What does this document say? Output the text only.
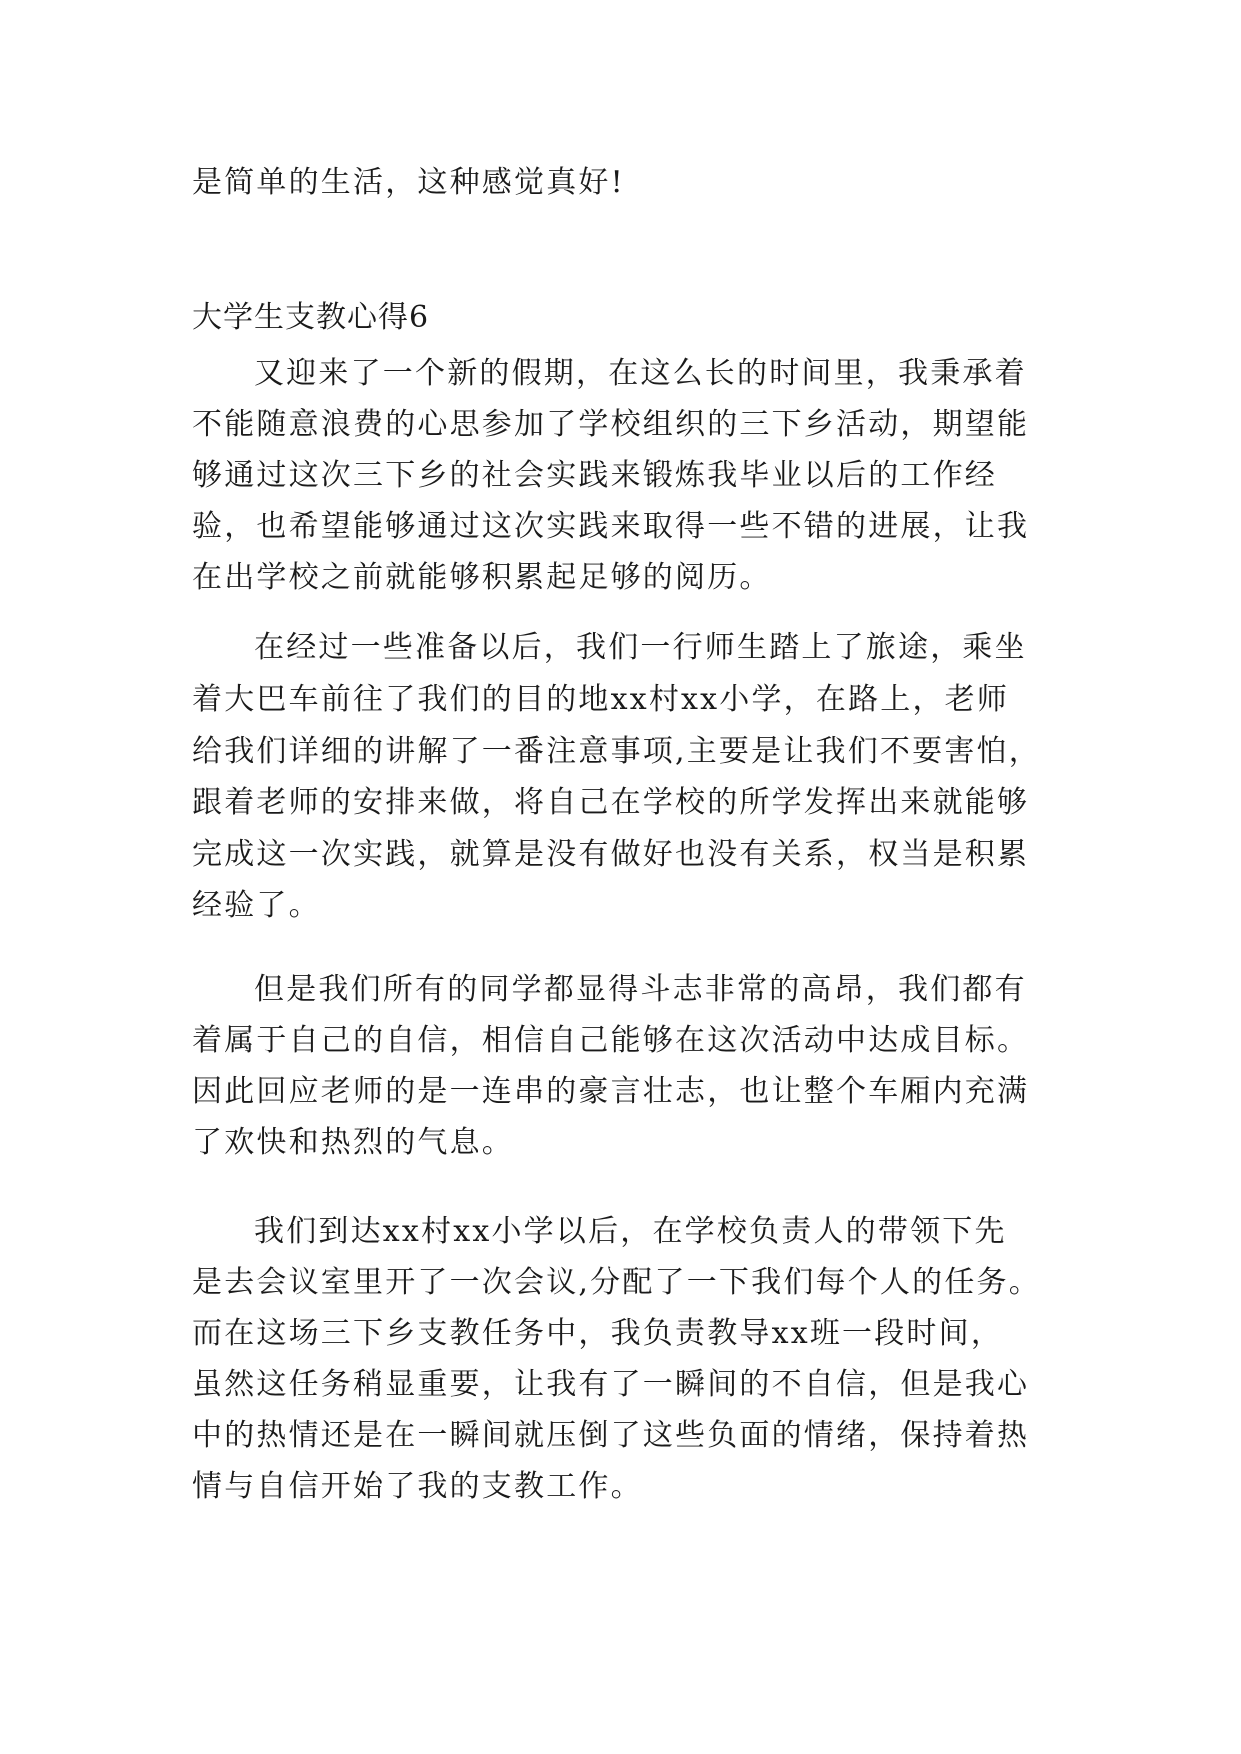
是简单的生活，这种感觉真好!
大学生支教心得6
又迎来了一个新的假期，在这么长的时间里，我秉承着
不能随意浪费的心思参加了学校组织的三下乡活动，期望能
够通过这次三下乡的社会实践来锻炼我毕业以后的工作经
验，也希望能够通过这次实践来取得一些不错的进展，让我
在出学校之前就能够积累起足够的阅历。
在经过一些准备以后，我们一行师生踏上了旅途，乘坐
着大巴车前往了我们的目的地xx村xx小学，在路上，老师
给我们详细的讲解了一番注意事项,主要是让我们不要害怕，
跟着老师的安排来做，将自己在学校的所学发挥出来就能够
完成这一次实践，就算是没有做好也没有关系，权当是积累
经验了。
但是我们所有的同学都显得斗志非常的高昂，我们都有
着属于自己的自信，相信自己能够在这次活动中达成目标。
因此回应老师的是一连串的豪言壮志，也让整个车厢内充满
了欢快和热烈的气息。
我们到达xx村xx小学以后，在学校负责人的带领下先
是去会议室里开了一次会议,分配了一下我们每个人的任务。
而在这场三下乡支教任务中，我负责教导xx班一段时间，
虽然这任务稍显重要，让我有了一瞬间的不自信，但是我心
中的热情还是在一瞬间就压倒了这些负面的情绪，保持着热
情与自信开始了我的支教工作。
